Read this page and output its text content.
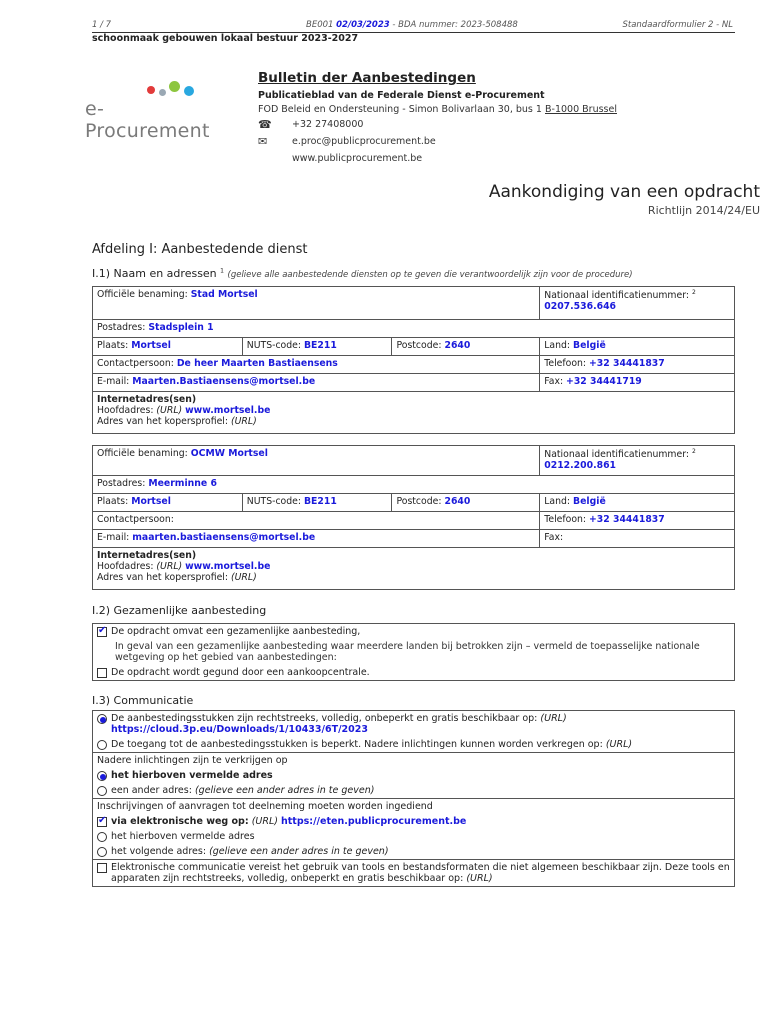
1 / 7	BE001 02/03/2023 - BDA nummer: 2023-508488	Standaardformulier 2 - NL
schoonmaak gebouwen lokaal bestuur 2023-2027
e-Procurement
Bulletin der Aanbestedingen
Publicatieblad van de Federale Dienst e-Procurement
FOD Beleid en Ondersteuning - Simon Bolivarlaan 30, bus 1 B-1000 Brussel
☎ +32 27408000
✉	e.proc@publicprocurement.be
www.publicprocurement.be
Aankondiging van een opdracht
Richtlijn 2014/24/EU
Afdeling I: Aanbestedende dienst
I.1) Naam en adressen $^1$ (gelieve alle aanbestedende diensten op te geven die verantwoordelijk zijn voor de procedure)
Officiële benaming: Stad Mortsel			Nationaal identificatienummer: $^2$ 0207.536.646
Postadres: Stadsplein 1			
Plaats: Mortsel	NUTS-code: BE211	Postcode: 2640	Land: België
Contactpersoon: De heer Maarten Bastiaensens			Telefoon: +32 34441837
E-mail: Maarten.Bastiaensens@mortsel.be			Fax: +32 34441719

Internetadres(sen)
Hoofdadres: (URL) www.mortsel.be
Adres van het kopersprofiel: (URL)			
Officiële benaming: OCMW Mortsel			Nationaal identificatienummer: $^2$ 0212.200.861
Postadres: Meerminne 6			
Plaats: Mortsel	NUTS-code: BE211	Postcode: 2640	Land: België
Contactpersoon:			Telefoon: +32 34441837
E-mail: maarten.bastiaensens@mortsel.be			Fax:

Internetadres(sen)
Hoofdadres: (URL) www.mortsel.be
Adres van het kopersprofiel: (URL)			
I.2) Gezamenlijke aanbesteding
✔
De opdracht omvat een gezamenlijke aanbesteding,
In geval van een gezamenlijke aanbesteding waar meerdere landen bij betrokken zijn – vermeld de toepasselijke nationale wetgeving op het gebied van aanbestedingen:
De opdracht wordt gegund door een aankoopcentrale.
I.3) Communicatie
De aanbestedingsstukken zijn rechtstreeks, volledig, onbeperkt en gratis beschikbaar op: (URL)
https://cloud.3p.eu/Downloads/1/10433/6T/2023
De toegang tot de aanbestedingsstukken is beperkt. Nadere inlichtingen kunnen worden verkregen op: (URL)
Nadere inlichtingen zijn te verkrijgen op
het hierboven vermelde adres
een ander adres: (gelieve een ander adres in te geven)
Inschrijvingen of aanvragen tot deelneming moeten worden ingediend
✔
via elektronische weg op: (URL) https://eten.publicprocurement.be
het hierboven vermelde adres
het volgende adres: (gelieve een ander adres in te geven)
Elektronische communicatie vereist het gebruik van tools en bestandsformaten die niet algemeen beschikbaar zijn. Deze tools en apparaten zijn rechtstreeks, volledig, onbeperkt en gratis beschikbaar op: (URL)
